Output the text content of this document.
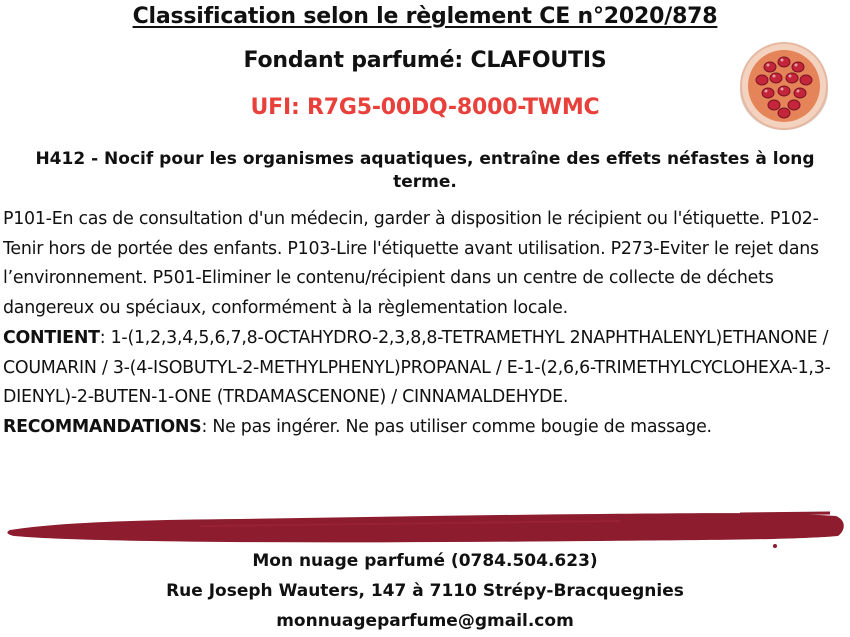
Classification selon le règlement CE n°2020/878
Fondant parfumé: CLAFOUTIS
UFI: R7G5-00DQ-8000-TWMC
H412 - Nocif pour les organismes aquatiques, entraîne des effets néfastes à long terme.
P101-En cas de consultation d'un médecin, garder à disposition le récipient ou l'étiquette. P102-Tenir hors de portée des enfants. P103-Lire l'étiquette avant utilisation. P273-Eviter le rejet dans l’environnement. P501-Eliminer le contenu/récipient dans un centre de collecte de déchets dangereux ou spéciaux, conformément à la règlementation locale.
CONTIENT: 1-(1,2,3,4,5,6,7,8-OCTAHYDRO-2,3,8,8-TETRAMETHYL 2NAPHTHALENYL)ETHANONE / COUMARIN / 3-(4-ISOBUTYL-2-METHYLPHENYL)PROPANAL / E-1-(2,6,6-TRIMETHYLCYCLOHEXA-1,3-DIENYL)-2-BUTEN-1-ONE (TRDAMASCENONE) / CINNAMALDEHYDE.
RECOMMANDATIONS: Ne pas ingérer. Ne pas utiliser comme bougie de massage.
Mon nuage parfumé (0784.504.623)
Rue Joseph Wauters, 147 à 7110 Strépy-Bracquegnies
monnuageparfume@gmail.com
